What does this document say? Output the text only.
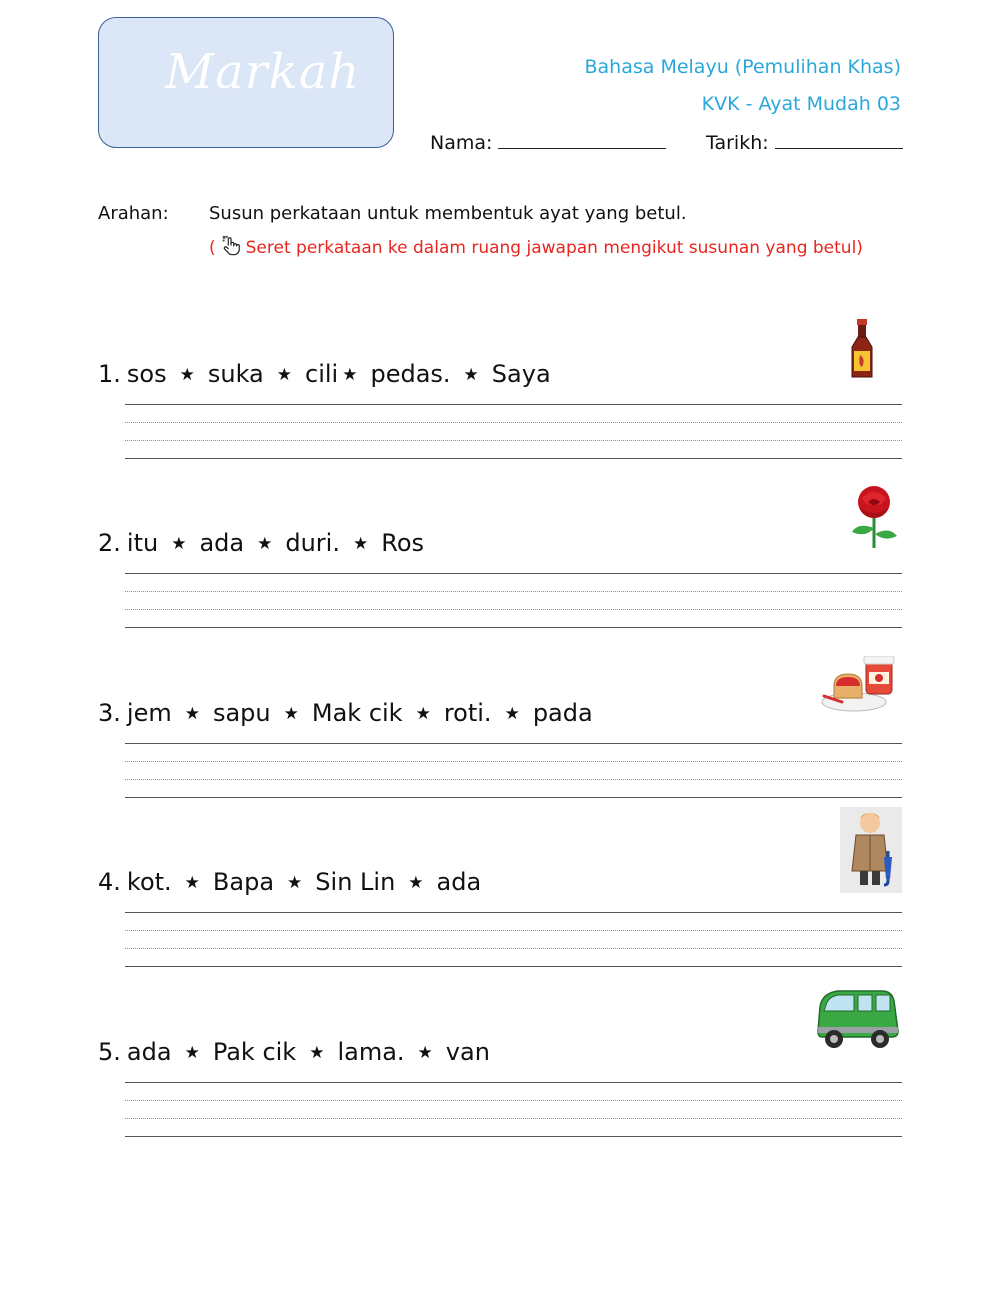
Markah	Bahasa Melayu (Pemulihan Khas)
KVK - Ayat Mudah 03
Nama:	Tarikh:
Arahan: Susun perkataan untuk membentuk ayat yang betul.
( Seret perkataan ke dalam ruang jawapan mengikut susunan yang betul)
1. sos ★ suka ★ cili ★ pedas. ★ Saya
2. itu ★ ada ★ duri. ★ Ros
3. jem ★ sapu ★ Mak cik ★ roti. ★ pada
4. kot. ★ Bapa ★ Sin Lin ★ ada
5. ada ★ Pak cik ★ lama. ★ van
